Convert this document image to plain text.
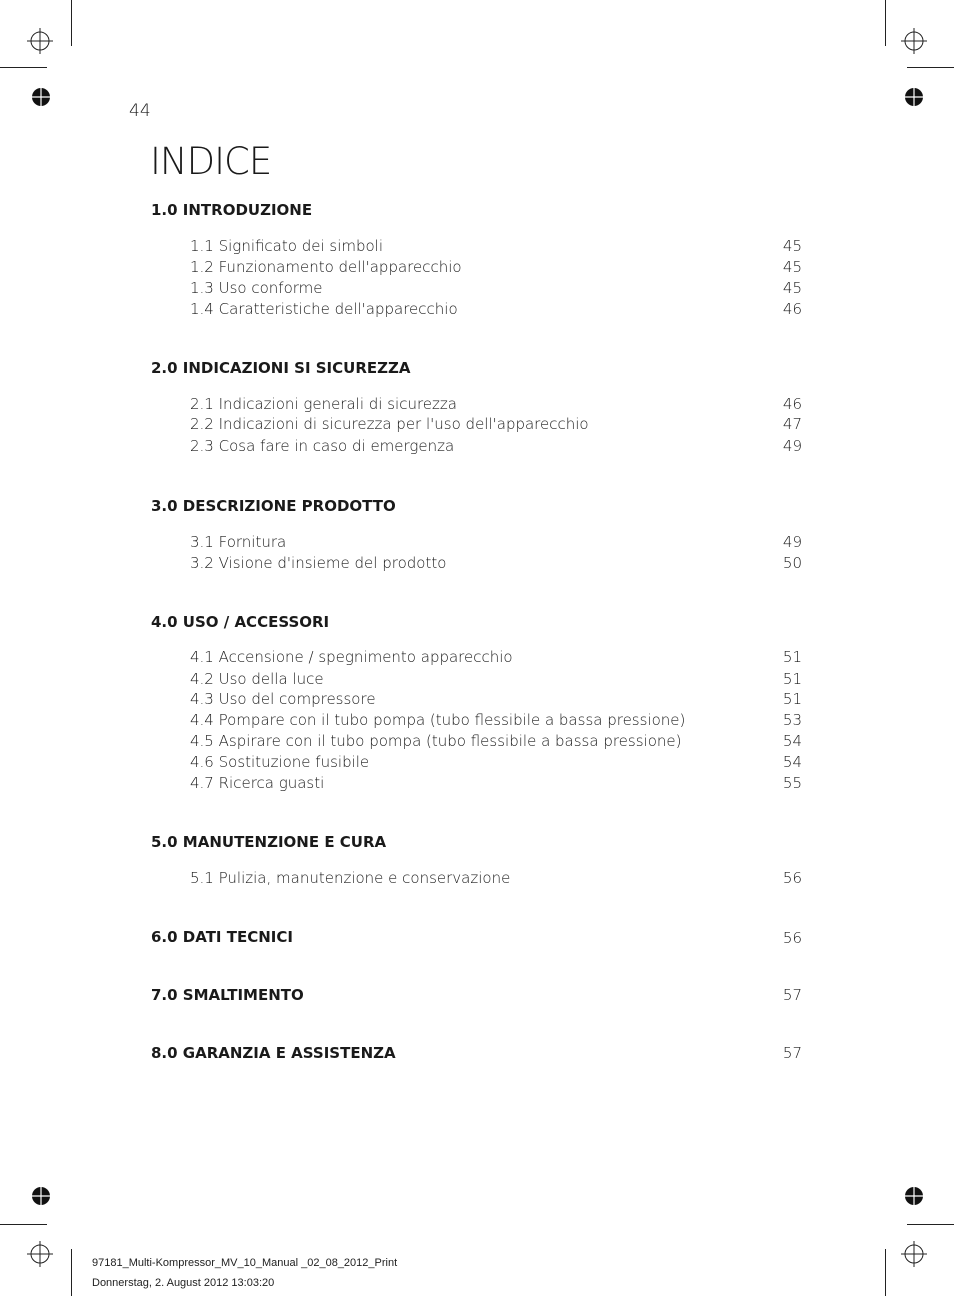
44
INDICE
1.0 INTRODUZIONE
1.1 Significato dei simboli	45
1.2 Funzionamento dell'apparecchio	45
1.3 Uso conforme	45
1.4 Caratteristiche dell'apparecchio	46
2.0 INDICAZIONI SI SICUREZZA
2.1 Indicazioni generali di sicurezza	46
2.2 Indicazioni di sicurezza per l'uso dell'apparecchio	47
2.3 Cosa fare in caso di emergenza	49
3.0 DESCRIZIONE PRODOTTO
3.1 Fornitura	49
3.2 Visione d'insieme del prodotto	50
4.0 USO / ACCESSORI
4.1 Accensione / spegnimento apparecchio	51
4.2 Uso della luce	51
4.3 Uso del compressore	51
4.4 Pompare con il tubo pompa (tubo flessibile a bassa pressione)	53
4.5 Aspirare con il tubo pompa (tubo flessibile a bassa pressione)	54
4.6 Sostituzione fusibile	54
4.7 Ricerca guasti	55
5.0 MANUTENZIONE E CURA
5.1 Pulizia, manutenzione e conservazione	56
6.0 DATI TECNICI	56
7.0 SMALTIMENTO	57
8.0 GARANZIA E ASSISTENZA	57
97181_Multi-Kompressor_MV_10_Manual _02_08_2012_Print
Donnerstag, 2. August 2012 13:03:20
